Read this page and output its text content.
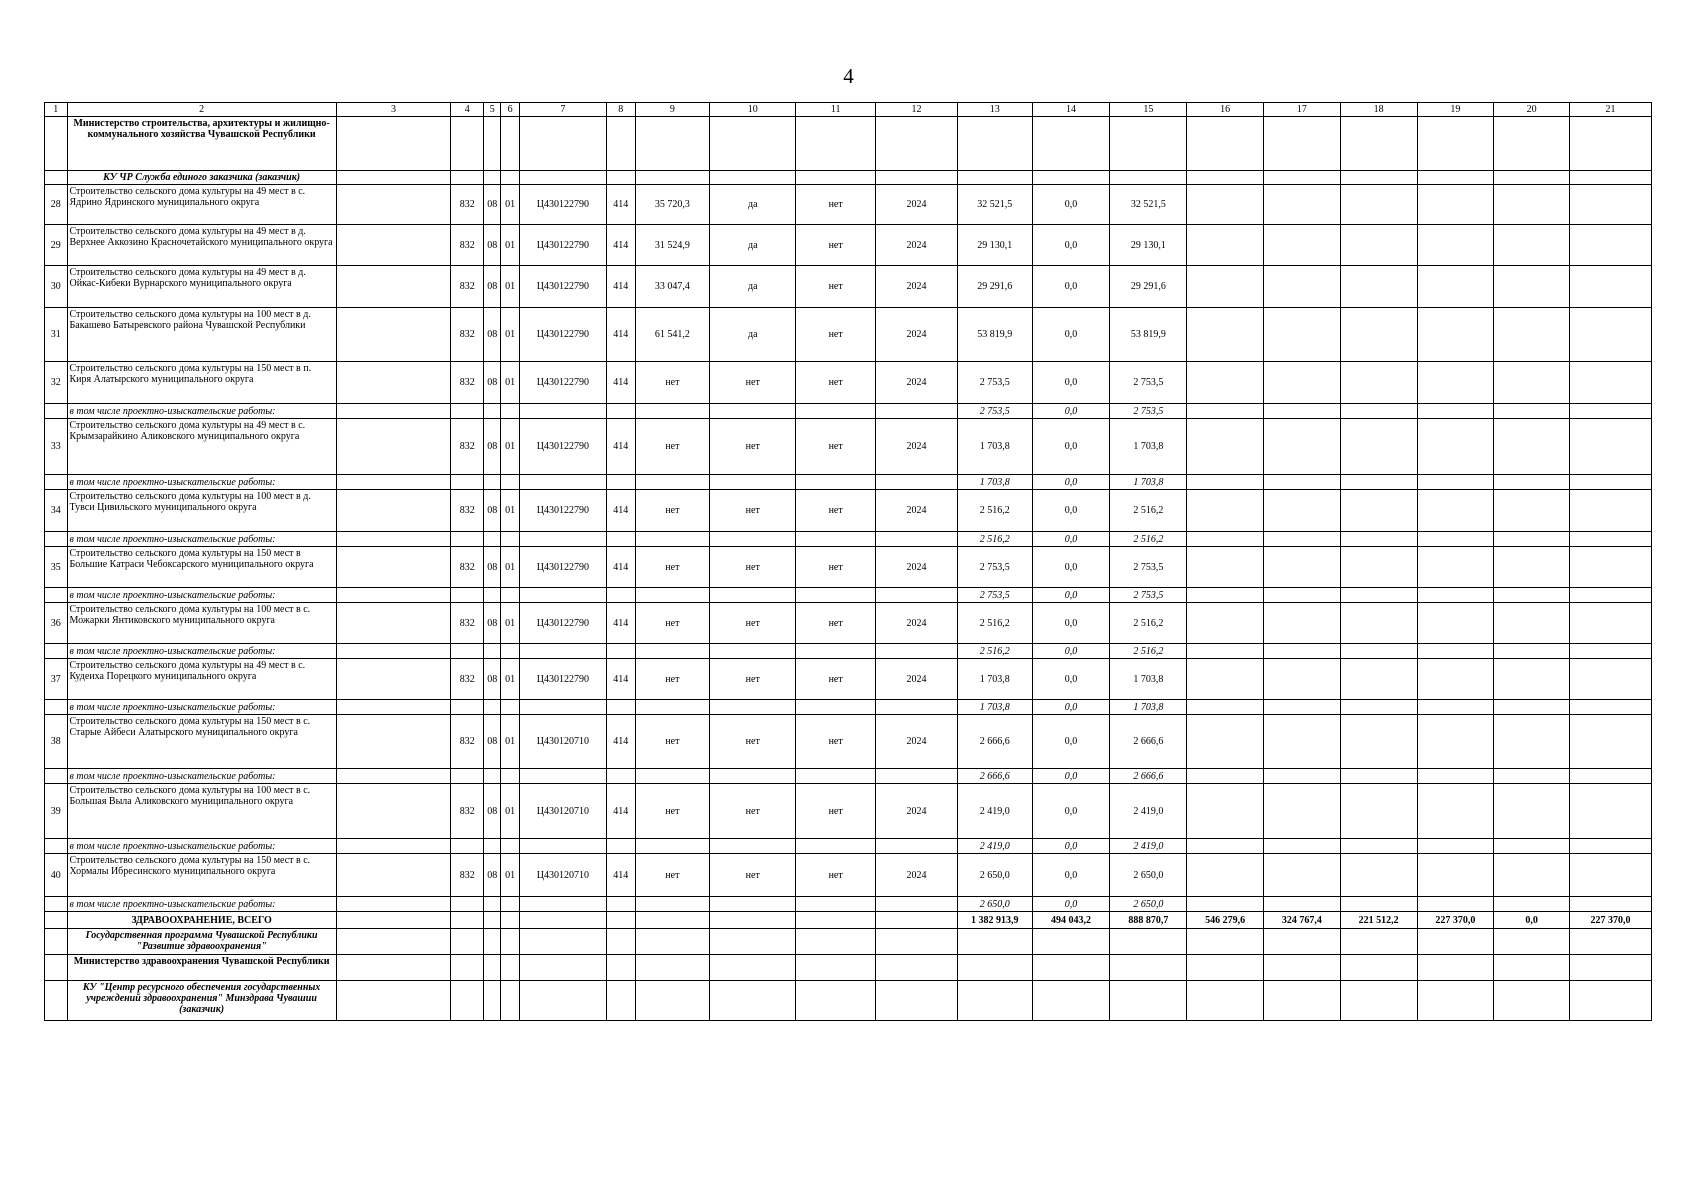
4
1	2	3	4	5	6	7	8	9	10	11	12	13	14	15	16	17	18	19	20	21
	Министерство строительства, архитектуры и жилищно-коммунального хозяйства Чувашской Республики																			
	КУ ЧР Служба единого заказчика (заказчик)																			
28	Строительство сельского дома культуры на 49 мест в с. Ядрино Ядринского муниципального округа		832	08	01	Ц430122790	414	35 720,3	да	нет	2024	32 521,5	0,0	32 521,5						
29	Строительство сельского дома культуры на 49 мест в д. Верхнее Аккозино Красночетайского муниципального округа		832	08	01	Ц430122790	414	31 524,9	да	нет	2024	29 130,1	0,0	29 130,1						
30	Строительство сельского дома культуры на 49 мест в д. Ойкас-Кибеки Вурнарского муниципального округа		832	08	01	Ц430122790	414	33 047,4	да	нет	2024	29 291,6	0,0	29 291,6						
31	Строительство сельского дома культуры на 100 мест в д. Бакашево Батыревского района Чувашской Республики		832	08	01	Ц430122790	414	61 541,2	да	нет	2024	53 819,9	0,0	53 819,9						
32	Строительство сельского дома культуры на 150 мест в п. Киря Алатырского муниципального округа		832	08	01	Ц430122790	414	нет	нет	нет	2024	2 753,5	0,0	2 753,5						
	в том числе проектно-изыскательские работы:											2 753,5	0,0	2 753,5						
33	Строительство сельского дома культуры на 49 мест в с. Крымзарайкино Аликовского муниципального округа		832	08	01	Ц430122790	414	нет	нет	нет	2024	1 703,8	0,0	1 703,8						
	в том числе проектно-изыскательские работы:											1 703,8	0,0	1 703,8						
34	Строительство сельского дома культуры на 100 мест в д. Тувси Цивильского муниципального округа		832	08	01	Ц430122790	414	нет	нет	нет	2024	2 516,2	0,0	2 516,2						
	в том числе проектно-изыскательские работы:											2 516,2	0,0	2 516,2						
35	Строительство сельского дома культуры на 150 мест в Большие Катраси Чебоксарского муниципального округа		832	08	01	Ц430122790	414	нет	нет	нет	2024	2 753,5	0,0	2 753,5						
	в том числе проектно-изыскательские работы:											2 753,5	0,0	2 753,5						
36	Строительство сельского дома культуры на 100 мест в с. Можарки Янтиковского муниципального округа		832	08	01	Ц430122790	414	нет	нет	нет	2024	2 516,2	0,0	2 516,2						
	в том числе проектно-изыскательские работы:											2 516,2	0,0	2 516,2						
37	Строительство сельского дома культуры на 49 мест в с. Кудеиха Порецкого муниципального округа		832	08	01	Ц430122790	414	нет	нет	нет	2024	1 703,8	0,0	1 703,8						
	в том числе проектно-изыскательские работы:											1 703,8	0,0	1 703,8						
38	Строительство сельского дома культуры на 150 мест в с. Старые Айбеси Алатырского муниципального округа		832	08	01	Ц430120710	414	нет	нет	нет	2024	2 666,6	0,0	2 666,6						
	в том числе проектно-изыскательские работы:											2 666,6	0,0	2 666,6						
39	Строительство сельского дома культуры на 100 мест в с. Большая Выла Аликовского муниципального округа		832	08	01	Ц430120710	414	нет	нет	нет	2024	2 419,0	0,0	2 419,0						
	в том числе проектно-изыскательские работы:											2 419,0	0,0	2 419,0						
40	Строительство сельского дома культуры на 150 мест в с. Хормалы Ибресинского муниципального округа		832	08	01	Ц430120710	414	нет	нет	нет	2024	2 650,0	0,0	2 650,0						
	в том числе проектно-изыскательские работы:											2 650,0	0,0	2 650,0						
	ЗДРАВООХРАНЕНИЕ, ВСЕГО											1 382 913,9	494 043,2	888 870,7	546 279,6	324 767,4	221 512,2	227 370,0	0,0	227 370,0
	Государственная программа Чувашской Республики "Развитие здравоохранения"																			
	Министерство здравоохранения Чувашской Республики																			
	КУ "Центр ресурсного обеспечения государственных учреждений здравоохранения" Минздрава Чувашии (заказчик)																			
